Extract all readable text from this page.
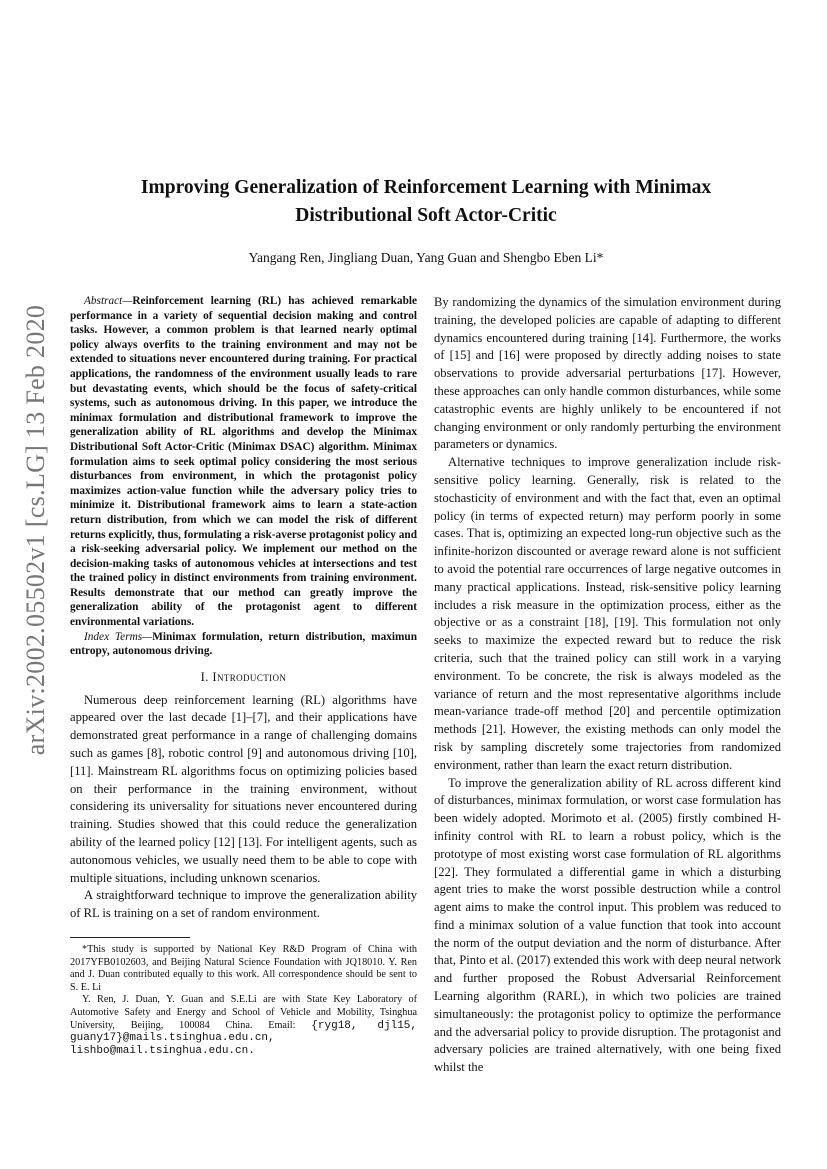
arXiv:2002.05502v1 [cs.LG] 13 Feb 2020
Improving Generalization of Reinforcement Learning with Minimax Distributional Soft Actor-Critic

Yangang Ren, Jingliang Duan, Yang Guan and Shengbo Eben Li*

Abstract—Reinforcement learning (RL) has achieved remarkable performance in a variety of sequential decision making and control tasks. However, a common problem is that learned nearly optimal policy always overfits to the training environment and may not be extended to situations never encountered during training. For practical applications, the randomness of the environment usually leads to rare but devastating events, which should be the focus of safety-critical systems, such as autonomous driving. In this paper, we introduce the minimax formulation and distributional framework to improve the generalization ability of RL algorithms and develop the Minimax Distributional Soft Actor-Critic (Minimax DSAC) algorithm. Minimax formulation aims to seek optimal policy considering the most serious disturbances from environment, in which the protagonist policy maximizes action-value function while the adversary policy tries to minimize it. Distributional framework aims to learn a state-action return distribution, from which we can model the risk of different returns explicitly, thus, formulating a risk-averse protagonist policy and a risk-seeking adversarial policy. We implement our method on the decision-making tasks of autonomous vehicles at intersections and test the trained policy in distinct environments from training environment. Results demonstrate that our method can greatly improve the generalization ability of the protagonist agent to different environmental variations.

Index Terms—Minimax formulation, return distribution, maximun entropy, autonomous driving.

I. Introduction

Numerous deep reinforcement learning (RL) algorithms have appeared over the last decade [1]–[7], and their applications have demonstrated great performance in a range of challenging domains such as games [8], robotic control [9] and autonomous driving [10], [11]. Mainstream RL algorithms focus on optimizing policies based on their performance in the training environment, without considering its universality for situations never encountered during training. Studies showed that this could reduce the generalization ability of the learned policy [12] [13]. For intelligent agents, such as autonomous vehicles, we usually need them to be able to cope with multiple situations, including unknown scenarios.

A straightforward technique to improve the generalization ability of RL is training on a set of random environment.

*This study is supported by National Key R&D Program of China with 2017YFB0102603, and Beijing Natural Science Foundation with JQ18010. Y. Ren and J. Duan contributed equally to this work. All correspondence should be sent to S. E. Li

Y. Ren, J. Duan, Y. Guan and S.E.Li are with State Key Laboratory of Automotive Safety and Energy and School of Vehicle and Mobility, Tsinghua University, Beijing, 100084 China. Email: {ryg18, djl15, guany17}@mails.tsinghua.edu.cn, lishbo@mail.tsinghua.edu.cn.

By randomizing the dynamics of the simulation environment during training, the developed policies are capable of adapting to different dynamics encountered during training [14]. Furthermore, the works of [15] and [16] were proposed by directly adding noises to state observations to provide adversarial perturbations [17]. However, these approaches can only handle common disturbances, while some catastrophic events are highly unlikely to be encountered if not changing environment or only randomly perturbing the environment parameters or dynamics.

Alternative techniques to improve generalization include risk-sensitive policy learning. Generally, risk is related to the stochasticity of environment and with the fact that, even an optimal policy (in terms of expected return) may perform poorly in some cases. That is, optimizing an expected long-run objective such as the infinite-horizon discounted or average reward alone is not sufficient to avoid the potential rare occurrences of large negative outcomes in many practical applications. Instead, risk-sensitive policy learning includes a risk measure in the optimization process, either as the objective or as a constraint [18], [19]. This formulation not only seeks to maximize the expected reward but to reduce the risk criteria, such that the trained policy can still work in a varying environment. To be concrete, the risk is always modeled as the variance of return and the most representative algorithms include mean-variance trade-off method [20] and percentile optimization methods [21]. However, the existing methods can only model the risk by sampling discretely some trajectories from randomized environment, rather than learn the exact return distribution.

To improve the generalization ability of RL across different kind of disturbances, minimax formulation, or worst case formulation has been widely adopted. Morimoto et al. (2005) firstly combined H-infinity control with RL to learn a robust policy, which is the prototype of most existing worst case formulation of RL algorithms [22]. They formulated a differential game in which a disturbing agent tries to make the worst possible destruction while a control agent aims to make the control input. This problem was reduced to find a minimax solution of a value function that took into account the norm of the output deviation and the norm of disturbance. After that, Pinto et al. (2017) extended this work with deep neural network and further proposed the Robust Adversarial Reinforcement Learning algorithm (RARL), in which two policies are trained simultaneously: the protagonist policy to optimize the performance and the adversarial policy to provide disruption. The protagonist and adversary policies are trained alternatively, with one being fixed whilst the
